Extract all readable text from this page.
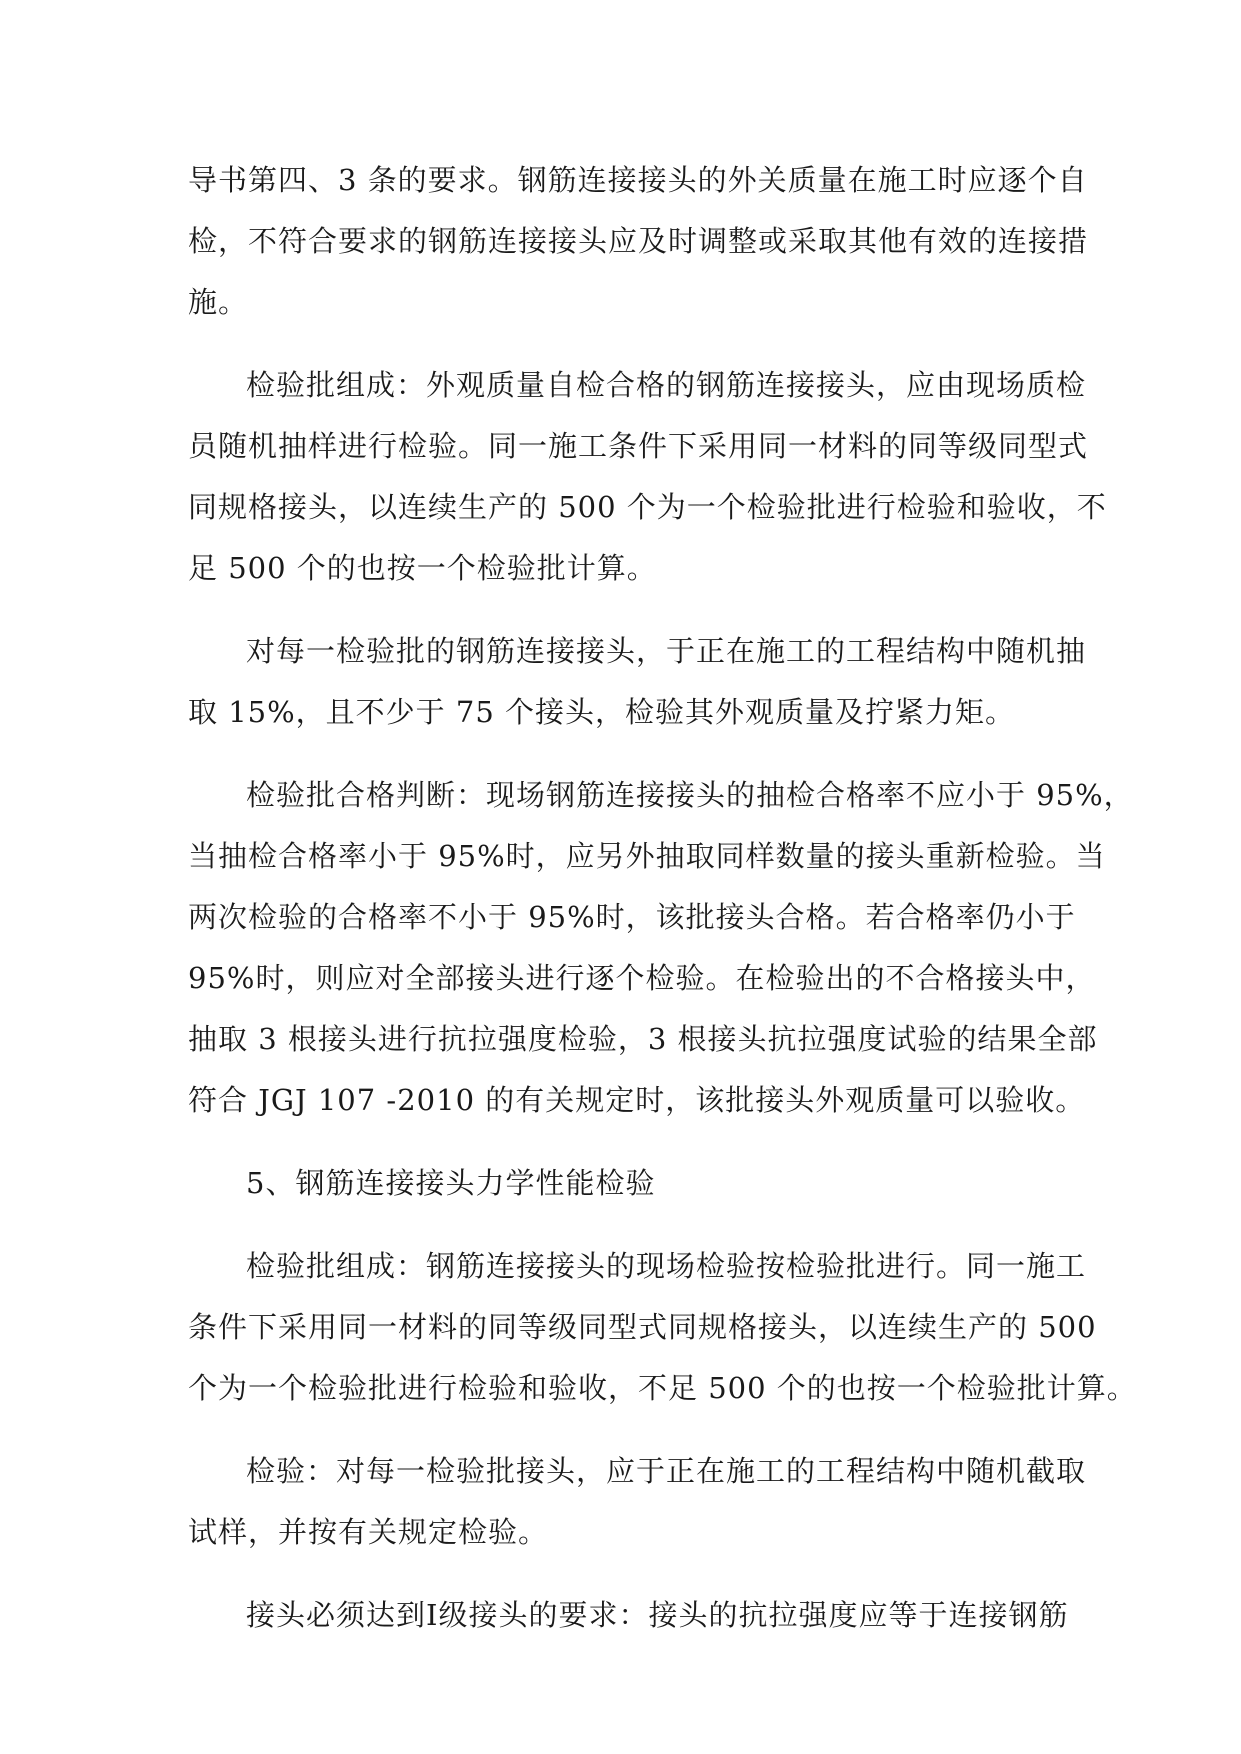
导书第四、3 条的要求。钢筋连接接头的外关质量在施工时应逐个自
检，不符合要求的钢筋连接接头应及时调整或采取其他有效的连接措
施。
检验批组成：外观质量自检合格的钢筋连接接头，应由现场质检
员随机抽样进行检验。同一施工条件下采用同一材料的同等级同型式
同规格接头，以连续生产的 500 个为一个检验批进行检验和验收，不
足 500 个的也按一个检验批计算。
对每一检验批的钢筋连接接头，于正在施工的工程结构中随机抽
取 15%，且不少于 75 个接头，检验其外观质量及拧紧力矩。
检验批合格判断：现场钢筋连接接头的抽检合格率不应小于 95%，
当抽检合格率小于 95%时，应另外抽取同样数量的接头重新检验。当
两次检验的合格率不小于 95%时，该批接头合格。若合格率仍小于
95%时，则应对全部接头进行逐个检验。在检验出的不合格接头中，
抽取 3 根接头进行抗拉强度检验，3 根接头抗拉强度试验的结果全部
符合 JGJ 107 -2010 的有关规定时，该批接头外观质量可以验收。
5、钢筋连接接头力学性能检验
检验批组成：钢筋连接接头的现场检验按检验批进行。同一施工
条件下采用同一材料的同等级同型式同规格接头，以连续生产的 500
个为一个检验批进行检验和验收，不足 500 个的也按一个检验批计算。
检验：对每一检验批接头，应于正在施工的工程结构中随机截取
试样，并按有关规定检验。
接头必须达到Ⅰ级接头的要求：接头的抗拉强度应等于连接钢筋
